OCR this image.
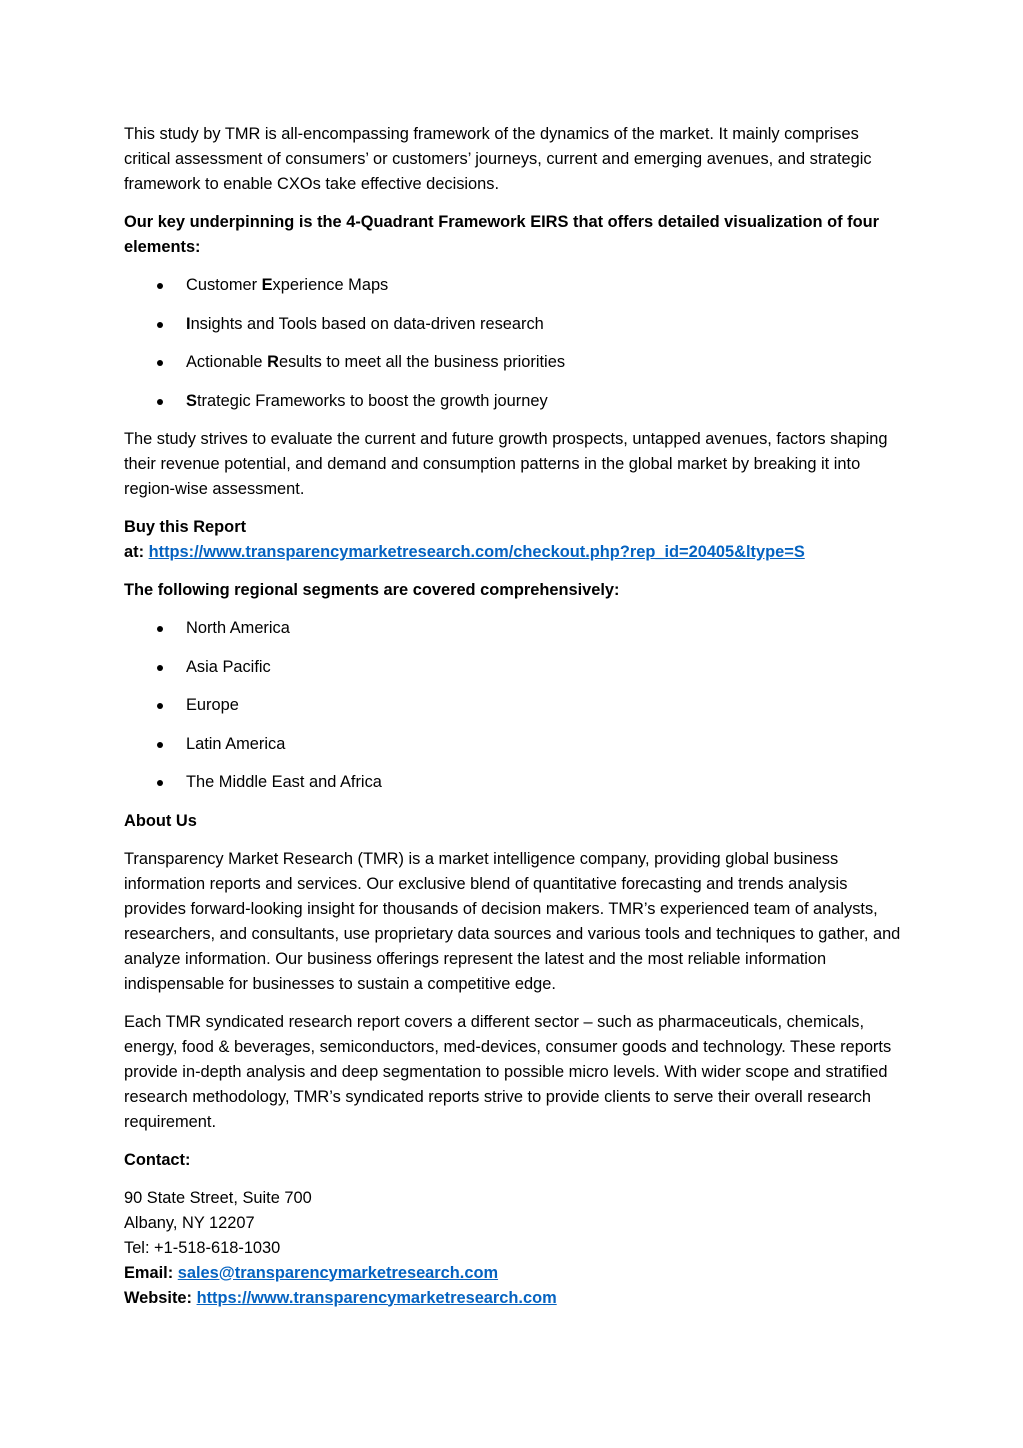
This study by TMR is all-encompassing framework of the dynamics of the market. It mainly comprises critical assessment of consumers’ or customers’ journeys, current and emerging avenues, and strategic framework to enable CXOs take effective decisions.

Our key underpinning is the 4-Quadrant Framework EIRS that offers detailed visualization of four elements:

Customer Experience Maps
Insights and Tools based on data-driven research
Actionable Results to meet all the business priorities
Strategic Frameworks to boost the growth journey

The study strives to evaluate the current and future growth prospects, untapped avenues, factors shaping their revenue potential, and demand and consumption patterns in the global market by breaking it into region-wise assessment.

Buy this Report
at: https://www.transparencymarketresearch.com/checkout.php?rep_id=20405&ltype=S

The following regional segments are covered comprehensively:

North America
Asia Pacific
Europe
Latin America
The Middle East and Africa

About Us

Transparency Market Research (TMR) is a market intelligence company, providing global business information reports and services. Our exclusive blend of quantitative forecasting and trends analysis provides forward-looking insight for thousands of decision makers. TMR’s experienced team of analysts, researchers, and consultants, use proprietary data sources and various tools and techniques to gather, and analyze information. Our business offerings represent the latest and the most reliable information indispensable for businesses to sustain a competitive edge.

Each TMR syndicated research report covers a different sector – such as pharmaceuticals, chemicals, energy, food & beverages, semiconductors, med-devices, consumer goods and technology. These reports provide in-depth analysis and deep segmentation to possible micro levels. With wider scope and stratified research methodology, TMR’s syndicated reports strive to provide clients to serve their overall research requirement.

Contact:

90 State Street, Suite 700

Albany, NY 12207

Tel: +1-518-618-1030

Email: sales@transparencymarketresearch.com

Website: https://www.transparencymarketresearch.com
